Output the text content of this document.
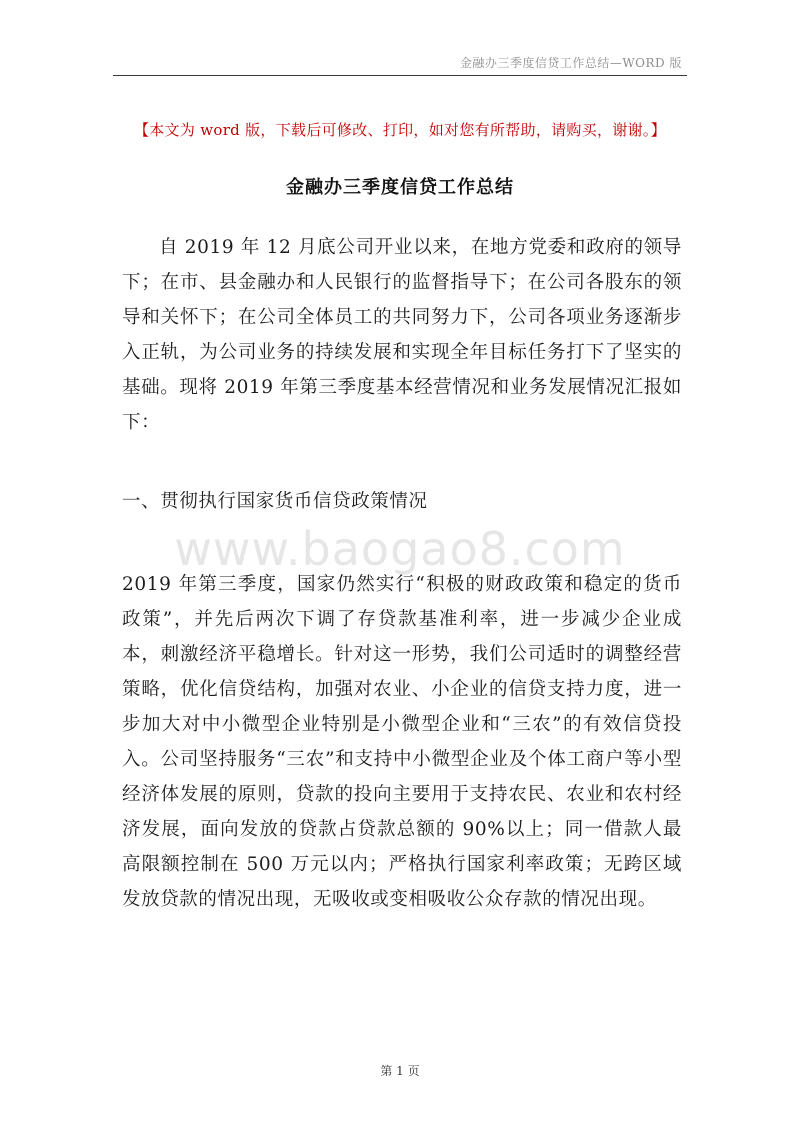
金融办三季度信贷工作总结—WORD 版
【本文为 word 版，下载后可修改、打印，如对您有所帮助，请购买，谢谢。】
金融办三季度信贷工作总结

自 2019 年 12 月底公司开业以来，在地方党委和政府的领导下；在市、县金融办和人民银行的监督指导下；在公司各股东的领导和关怀下；在公司全体员工的共同努力下，公司各项业务逐渐步入正轨，为公司业务的持续发展和实现全年目标任务打下了坚实的基础。现将 2019 年第三季度基本经营情况和业务发展情况汇报如下：

一、贯彻执行国家货币信贷政策情况
www.baogao8.com

2019 年第三季度，国家仍然实行“积极的财政政策和稳定的货币政策”，并先后两次下调了存贷款基准利率，进一步减少企业成本，刺激经济平稳增长。针对这一形势，我们公司适时的调整经营策略，优化信贷结构，加强对农业、小企业的信贷支持力度，进一步加大对中小微型企业特别是小微型企业和“三农”的有效信贷投入。公司坚持服务“三农”和支持中小微型企业及个体工商户等小型经济体发展的原则，贷款的投向主要用于支持农民、农业和农村经济发展，面向发放的贷款占贷款总额的 90%以上；同一借款人最高限额控制在 500 万元以内；严格执行国家利率政策；无跨区域发放贷款的情况出现，无吸收或变相吸收公众存款的情况出现。

第 1 页
